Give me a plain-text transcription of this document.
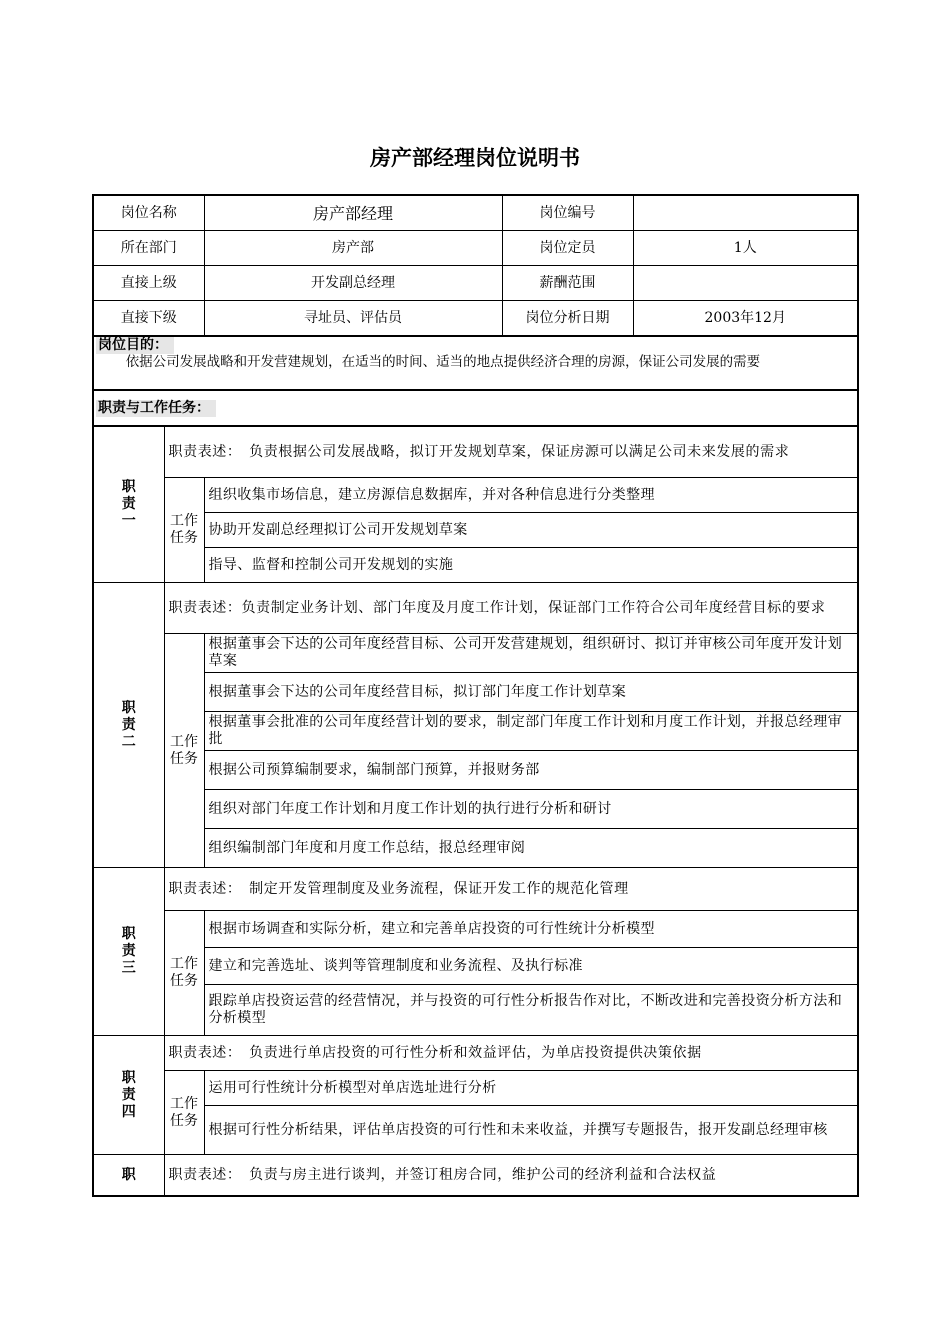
房产部经理岗位说明书
岗位名称		房产部经理	岗位编号	
所在部门		房产部	岗位定员	1人
直接上级		开发副总经理	薪酬范围	
直接下级		寻址员、评估员	岗位分析日期	2003年12月

岗位目的：
依据公司发展战略和开发营建规划，在适当的时间、适当的地点提供经济合理的房源，保证公司发展的需要				

职责与工作任务：				

职责一	职责表述：　负责根据公司发展战略，拟订开发规划草案，保证房源可以满足公司未来发展的需求			

	工作任务	组织收集市场信息，建立房源信息数据库，并对各种信息进行分类整理		
		协助开发副总经理拟订公司开发规划草案		
		指导、监督和控制公司开发规划的实施		

职责二	职责表述：负责制定业务计划、部门年度及月度工作计划，保证部门工作符合公司年度经营目标的要求			

	工作任务	根据董事会下达的公司年度经营目标、公司开发营建规划，组织研讨、拟订并审核公司年度开发计划草案		
		根据董事会下达的公司年度经营目标，拟订部门年度工作计划草案		
		根据董事会批准的公司年度经营计划的要求，制定部门年度工作计划和月度工作计划，并报总经理审批		
		根据公司预算编制要求，编制部门预算，并报财务部		
		组织对部门年度工作计划和月度工作计划的执行进行分析和研讨		
		组织编制部门年度和月度工作总结，报总经理审阅		

职责三	职责表述：　制定开发管理制度及业务流程，保证开发工作的规范化管理			

	工作任务	根据市场调查和实际分析，建立和完善单店投资的可行性统计分析模型		
		建立和完善选址、谈判等管理制度和业务流程、及执行标准		
		跟踪单店投资运营的经营情况，并与投资的可行性分析报告作对比，不断改进和完善投资分析方法和分析模型		

职责四	职责表述：　负责进行单店投资的可行性分析和效益评估，为单店投资提供决策依据			

	工作任务	运用可行性统计分析模型对单店选址进行分析		
		根据可行性分析结果，评估单店投资的可行性和未来收益，并撰写专题报告，报开发副总经理审核		

职	职责表述：　负责与房主进行谈判，并签订租房合同，维护公司的经济利益和合法权益			
